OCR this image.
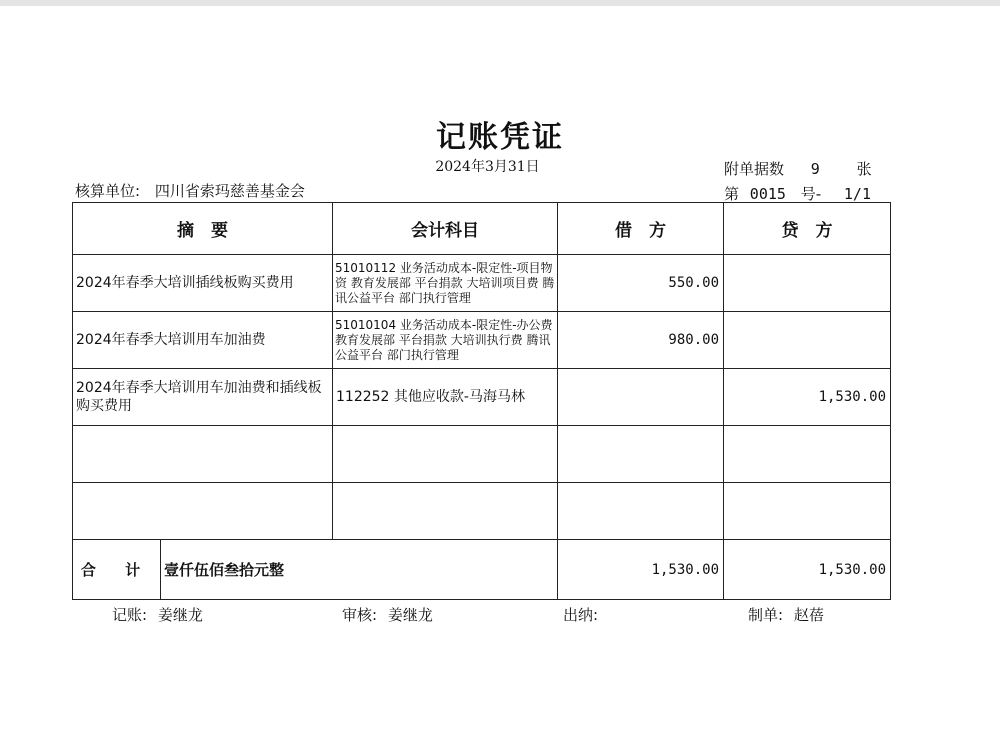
记账凭证
2024年3月31日
核算单位: 四川省索玛慈善基金会
附单据数 9 张
第 0015 号- 1/1
摘　要		会计科目	借　方	贷　方
2024年春季大培训插线板购买费用		51010112 业务活动成本-限定性-项目物资 教育发展部 平台捐款 大培训项目费 腾讯公益平台 部门执行管理	550.00	
2024年春季大培训用车加油费		51010104 业务活动成本-限定性-办公费 教育发展部 平台捐款 大培训执行费 腾讯公益平台 部门执行管理	980.00	
2024年春季大培训用车加油费和插线板购买费用		112252 其他应收款-马海马林		1,530.00

合 计	壹仟伍佰叁拾元整		1,530.00	1,530.00
记账: 姜继龙	审核: 姜继龙	出纳:	制单: 赵蓓
